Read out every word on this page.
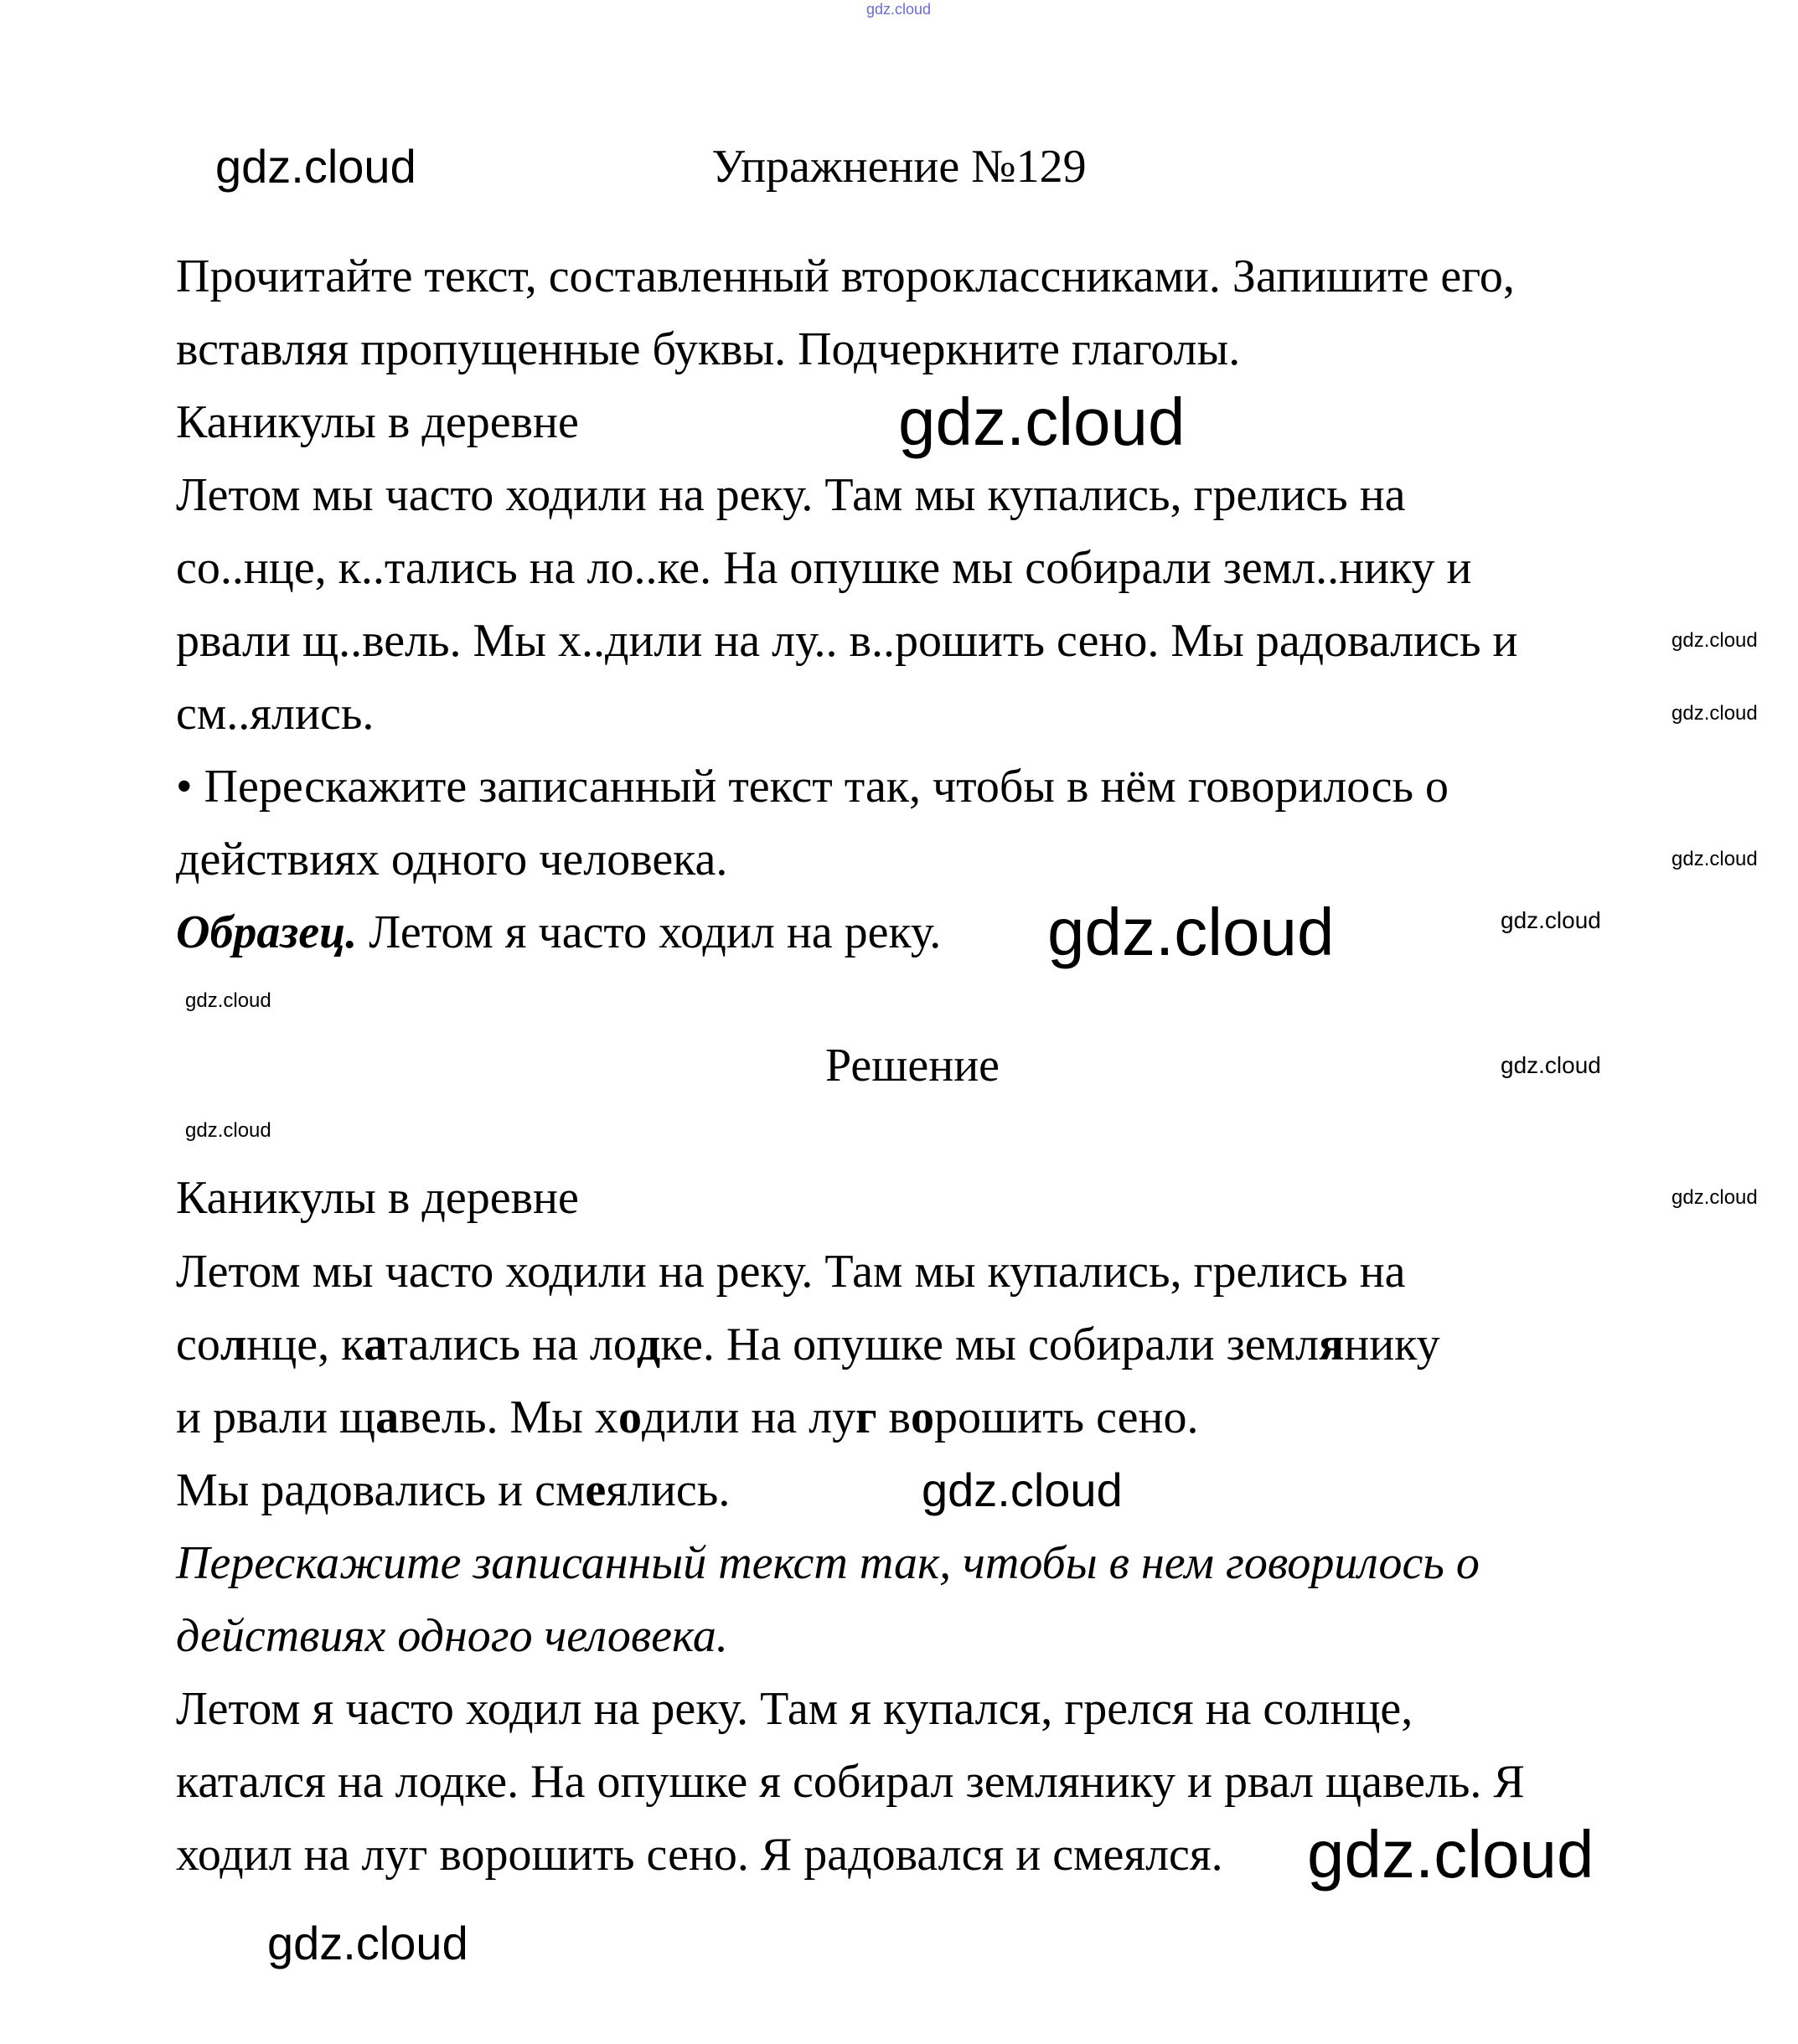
gdz.cloud
Упражнение №129
gdz.cloud
Прочитайте текст, составленный второклассниками. Запишите его,
вставляя пропущенные буквы. Подчеркните глаголы.
Каникулы в деревне	gdz.cloud
Летом мы часто ходили на реку. Там мы купались, грелись на
со..нце, к..тались на ло..ке. На опушке мы собирали земл..нику и
gdz.cloud
рвали щ..вель. Мы х..дили на лу.. в..рошить сено. Мы радовались и
см..ялись.	gdz.cloud
• Перескажите записанный текст так, чтобы в нём говорилось о
действиях одного человека.	gdz.cloud
Образец. Летом я часто ходил на реку.	gdz.cloud
gdz.cloud
gdz.cloud
Решение	gdz.cloud
gdz.cloud
Каникулы в деревне	gdz.cloud
Летом мы часто ходили на реку. Там мы купались, грелись на
солнце, катались на лодке. На опушке мы собирали землянику
и рвали щавель. Мы ходили на луг ворошить сено.
Мы радовались и смеялись.	gdz.cloud
Перескажите записанный текст так, чтобы в нем говорилось о
действиях одного человека.
Летом я часто ходил на реку. Там я купался, грелся на солнце,
катался на лодке. На опушке я собирал землянику и рвал щавель. Я
ходил на луг ворошить сено. Я радовался и смеялся. gdz.cloud
gdz.cloud
